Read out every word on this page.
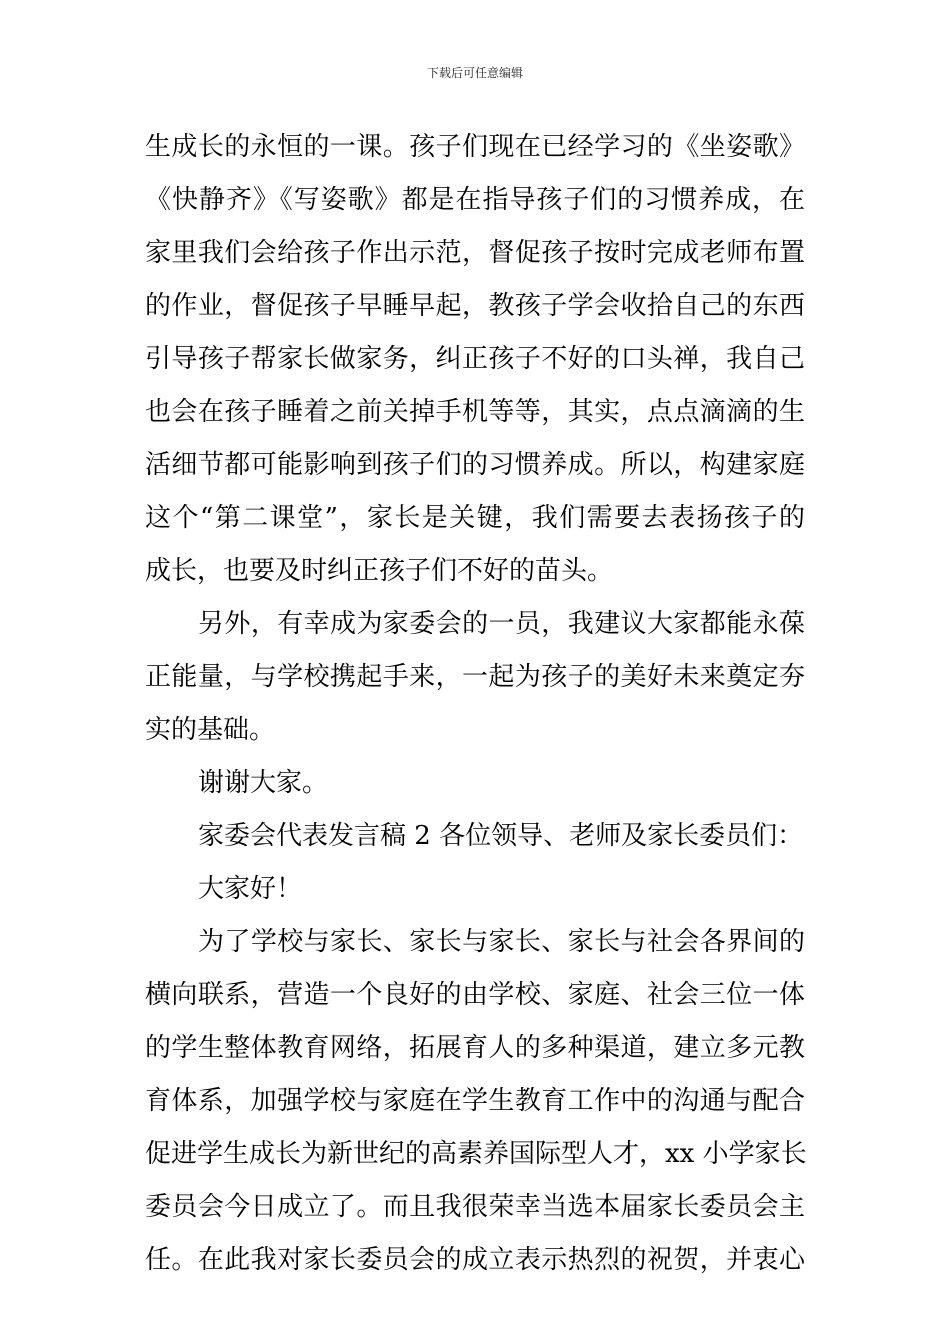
下载后可任意编辑
生成长的永恒的一课。孩子们现在已经学习的《坐姿歌》
《快静齐》《写姿歌》都是在指导孩子们的习惯养成，在
家里我们会给孩子作出示范，督促孩子按时完成老师布置
的作业，督促孩子早睡早起，教孩子学会收拾自己的东西
引导孩子帮家长做家务，纠正孩子不好的口头禅，我自己
也会在孩子睡着之前关掉手机等等，其实，点点滴滴的生
活细节都可能影响到孩子们的习惯养成。所以，构建家庭
这个“第二课堂”，家长是关键，我们需要去表扬孩子的
成长，也要及时纠正孩子们不好的苗头。
另外，有幸成为家委会的一员，我建议大家都能永葆
正能量，与学校携起手来，一起为孩子的美好未来奠定夯
实的基础。
谢谢大家。
家委会代表发言稿 2 各位领导、老师及家长委员们：
大家好！
为了学校与家长、家长与家长、家长与社会各界间的
横向联系，营造一个良好的由学校、家庭、社会三位一体
的学生整体教育网络，拓展育人的多种渠道，建立多元教
育体系，加强学校与家庭在学生教育工作中的沟通与配合
促进学生成长为新世纪的高素养国际型人才，xx 小学家长
委员会今日成立了。而且我很荣幸当选本届家长委员会主
任。在此我对家长委员会的成立表示热烈的祝贺，并衷心
